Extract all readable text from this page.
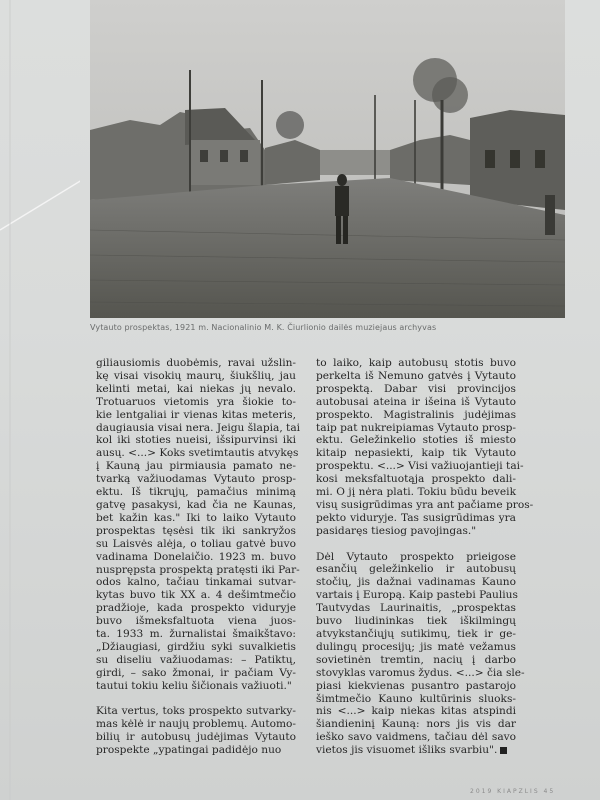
Vytauto prospektas, 1921 m. Nacionalinio M. K. Čiurlionio dailės muziejaus archyvas

giliausiomis duobėmis, ravai užslin-
kę visai visokių maurų, šiukšlių, jau
kelinti metai, kai niekas jų nevalo.
Trotuaruos vietomis yra šiokie to-
kie lentgaliai ir vienas kitas meteris,
daugiausia visai nera. Jeigu šlapia, tai
kol iki stoties nueisi, išsipurvinsi iki
ausų. <...> Koks svetimtautis atvykęs
į Kauną jau pirmiausia pamato ne-
tvarką važiuodamas Vytauto prosp-
ektu. Iš tikrųjų, pamačius minimą
gatvę pasakysi, kad čia ne Kaunas,
bet kažin kas." Iki to laiko Vytauto
prospektas tęsėsi tik iki sankryžos
su Laisvės alėja, o toliau gatvė buvo
vadinama Donelaičio. 1923 m. buvo
nusprępsta prospektą pratęsti iki Par-
odos kalno, tačiau tinkamai sutvar-
kytas buvo tik XX a. 4 dešimtmečio
pradžioje, kada prospekto viduryje
buvo išmeksfaltuota viena juos-
ta. 1933 m. žurnalistai šmaikštavo:
„Džiaugiasi, girdžiu syki suvalkietis
su diseliu važiuodamas: – Patiktų,
girdi, – sako žmonai, ir pačiam Vy-
tautui tokiu keliu šičionais važiuoti."

Kita vertus, toks prospekto sutvarky-
mas kėlė ir naujų problemų. Automo-
bilių ir autobusų judėjimas Vytauto
prospekte „ypatingai padidėjo nuo

to laiko, kaip autobusų stotis buvo
perkelta iš Nemuno gatvės į Vytauto
prospektą. Dabar visi provincijos
autobusai ateina ir išeina iš Vytauto
prospekto. Magistralinis judėjimas
taip pat nukreipiamas Vytauto prosp-
ektu. Geležinkelio stoties iš miesto
kitaip nepasiekti, kaip tik Vytauto
prospektu. <...> Visi važiuojantieji tai-
kosi meksfaltuotąja prospekto dali-
mi. O jį nėra plati. Tokiu būdu beveik
visų susigrūdimas yra ant pačiame pros-
pekto viduryje. Tas susigrūdimas yra
pasidaręs tiesiog pavojingas."

Dėl Vytauto prospekto prieigose
esančių geležinkelio ir autobusų
stočių, jis dažnai vadinamas Kauno
vartais į Europą. Kaip pastebi Paulius
Tautvydas Laurinaitis, „prospektas
buvo liudininkas tiek iškilmingų
atvykstančiųjų sutikimų, tiek ir ge-
dulingų procesijų; jis matė vežamus
sovietinėn tremtin, nacių į darbo
stovyklas varomus žydus. <...> čia sle-
piasi kiekvienas pusantro pastarojo
šimtmečio Kauno kultūrinis sluoks-
nis <...> kaip niekas kitas atspindi
šiandieninį Kauną: nors jis vis dar
ieško savo vaidmens, tačiau dėl savo
vietos jis visuomet išliks svarbiu".

2019 KIAPZLIS 45
